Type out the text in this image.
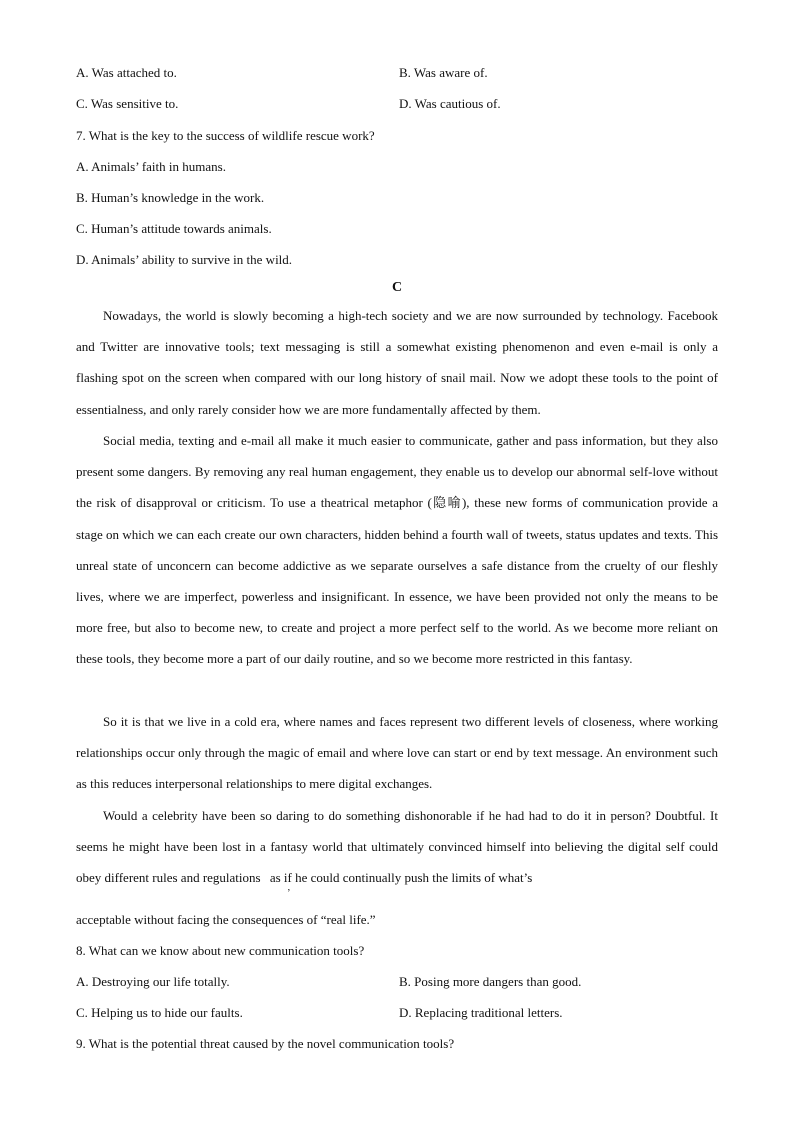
A. Was attached to.	B. Was aware of.
C. Was sensitive to.	D. Was cautious of.
7. What is the key to the success of wildlife rescue work?
A. Animals’ faith in humans.
B. Human’s knowledge in the work.
C. Human’s attitude towards animals.
D. Animals’ ability to survive in the wild.
C
Nowadays, the world is slowly becoming a high-tech society and we are now surrounded by technology. Facebook and Twitter are innovative tools; text messaging is still a somewhat existing phenomenon and even e-mail is only a flashing spot on the screen when compared with our long history of snail mail. Now we adopt these tools to the point of essentialness, and only rarely consider how we are more fundamentally affected by them.
Social media, texting and e-mail all make it much easier to communicate, gather and pass information, but they also present some dangers. By removing any real human engagement, they enable us to develop our abnormal self-love without the risk of disapproval or criticism. To use a theatrical metaphor (隐喻), these new forms of communication provide a stage on which we can each create our own characters, hidden behind a fourth wall of tweets, status updates and texts. This unreal state of unconcern can become addictive as we separate ourselves a safe distance from the cruelty of our fleshly lives, where we are imperfect, powerless and insignificant. In essence, we have been provided not only the means to be more free, but also to become new, to create and project a more perfect self to the world. As we become more reliant on these tools, they become more a part of our daily routine, and so we become more restricted in this fantasy.
So it is that we live in a cold era, where names and faces represent two different levels of closeness, where working relationships occur only through the magic of email and where love can start or end by text message. An environment such as this reduces interpersonal relationships to mere digital exchanges.
Would a celebrity have been so daring to do something dishonorable if he had had to do it in person? Doubtful. It seems he might have been lost in a fantasy world that ultimately convinced himself into believing the digital self could obey different rules and regulations, as if he could continually push the limits of what’s
acceptable without facing the consequences of “real life.”
8. What can we know about new communication tools?
A. Destroying our life totally.	B. Posing more dangers than good.
C. Helping us to hide our faults.	D. Replacing traditional letters.
9. What is the potential threat caused by the novel communication tools?
